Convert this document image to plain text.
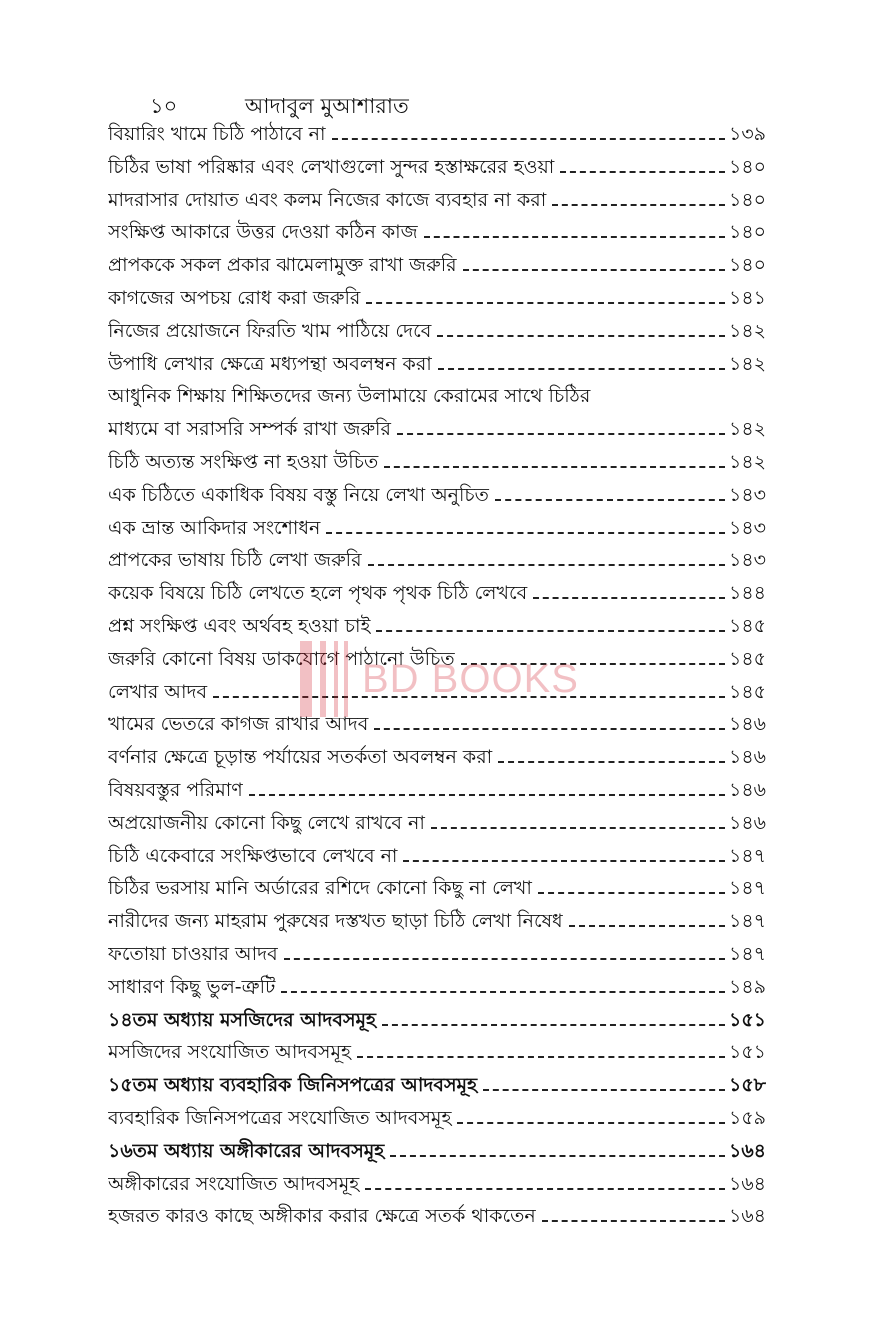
১০	আদাবুল মুআশারাত
বিয়ারিং খামে চিঠি পাঠাবে না	১৩৯
চিঠির ভাষা পরিষ্কার এবং লেখাগুলো সুন্দর হস্তাক্ষরের হওয়া	১৪০
মাদরাসার দোয়াত এবং কলম নিজের কাজে ব্যবহার না করা	১৪০
সংক্ষিপ্ত আকারে উত্তর দেওয়া কঠিন কাজ	১৪০
প্রাপককে সকল প্রকার ঝামেলামুক্ত রাখা জরুরি	১৪০
কাগজের অপচয় রোধ করা জরুরি	১৪১
নিজের প্রয়োজনে ফিরতি খাম পাঠিয়ে দেবে	১৪২
উপাধি লেখার ক্ষেত্রে মধ্যপন্থা অবলম্বন করা	১৪২
আধুনিক শিক্ষায় শিক্ষিতদের জন্য উলামায়ে কেরামের সাথে চিঠির
মাধ্যমে বা সরাসরি সম্পর্ক রাখা জরুরি	১৪২
চিঠি অত্যন্ত সংক্ষিপ্ত না হওয়া উচিত	১৪২
এক চিঠিতে একাধিক বিষয় বস্তু নিয়ে লেখা অনুচিত	১৪৩
এক ভ্রান্ত আকিদার সংশোধন	১৪৩
প্রাপকের ভাষায় চিঠি লেখা জরুরি	১৪৩
কয়েক বিষয়ে চিঠি লেখতে হলে পৃথক পৃথক চিঠি লেখবে	১৪৪
প্রশ্ন সংক্ষিপ্ত এবং অর্থবহ হওয়া চাই	১৪৫
জরুরি কোনো বিষয় ডাকযোগে পাঠানো উচিত	১৪৫
লেখার আদব	১৪৫
খামের ভেতরে কাগজ রাখার আদব	১৪৬
বর্ণনার ক্ষেত্রে চূড়ান্ত পর্যায়ের সতর্কতা অবলম্বন করা	১৪৬
বিষয়বস্তুর পরিমাণ	১৪৬
অপ্রয়োজনীয় কোনো কিছু লেখে রাখবে না	১৪৬
চিঠি একেবারে সংক্ষিপ্তভাবে লেখবে না	১৪৭
চিঠির ভরসায় মানি অর্ডারের রশিদে কোনো কিছু না লেখা	১৪৭
নারীদের জন্য মাহরাম পুরুষের দস্তখত ছাড়া চিঠি লেখা নিষেধ	১৪৭
ফতোয়া চাওয়ার আদব	১৪৭
সাধারণ কিছু ভুল-ত্রুটি	১৪৯
১৪তম অধ্যায় মসজিদের আদবসমূহ	১৫১
মসজিদের সংযোজিত আদবসমূহ	১৫১
১৫তম অধ্যায় ব্যবহারিক জিনিসপত্রের আদবসমূহ	১৫৮
ব্যবহারিক জিনিসপত্রের সংযোজিত আদবসমূহ	১৫৯
১৬তম অধ্যায় অঙ্গীকারের আদবসমূহ	১৬৪
অঙ্গীকারের সংযোজিত আদবসমূহ	১৬৪
হজরত কারও কাছে অঙ্গীকার করার ক্ষেত্রে সতর্ক থাকতেন	১৬৪
BD BOOKS
